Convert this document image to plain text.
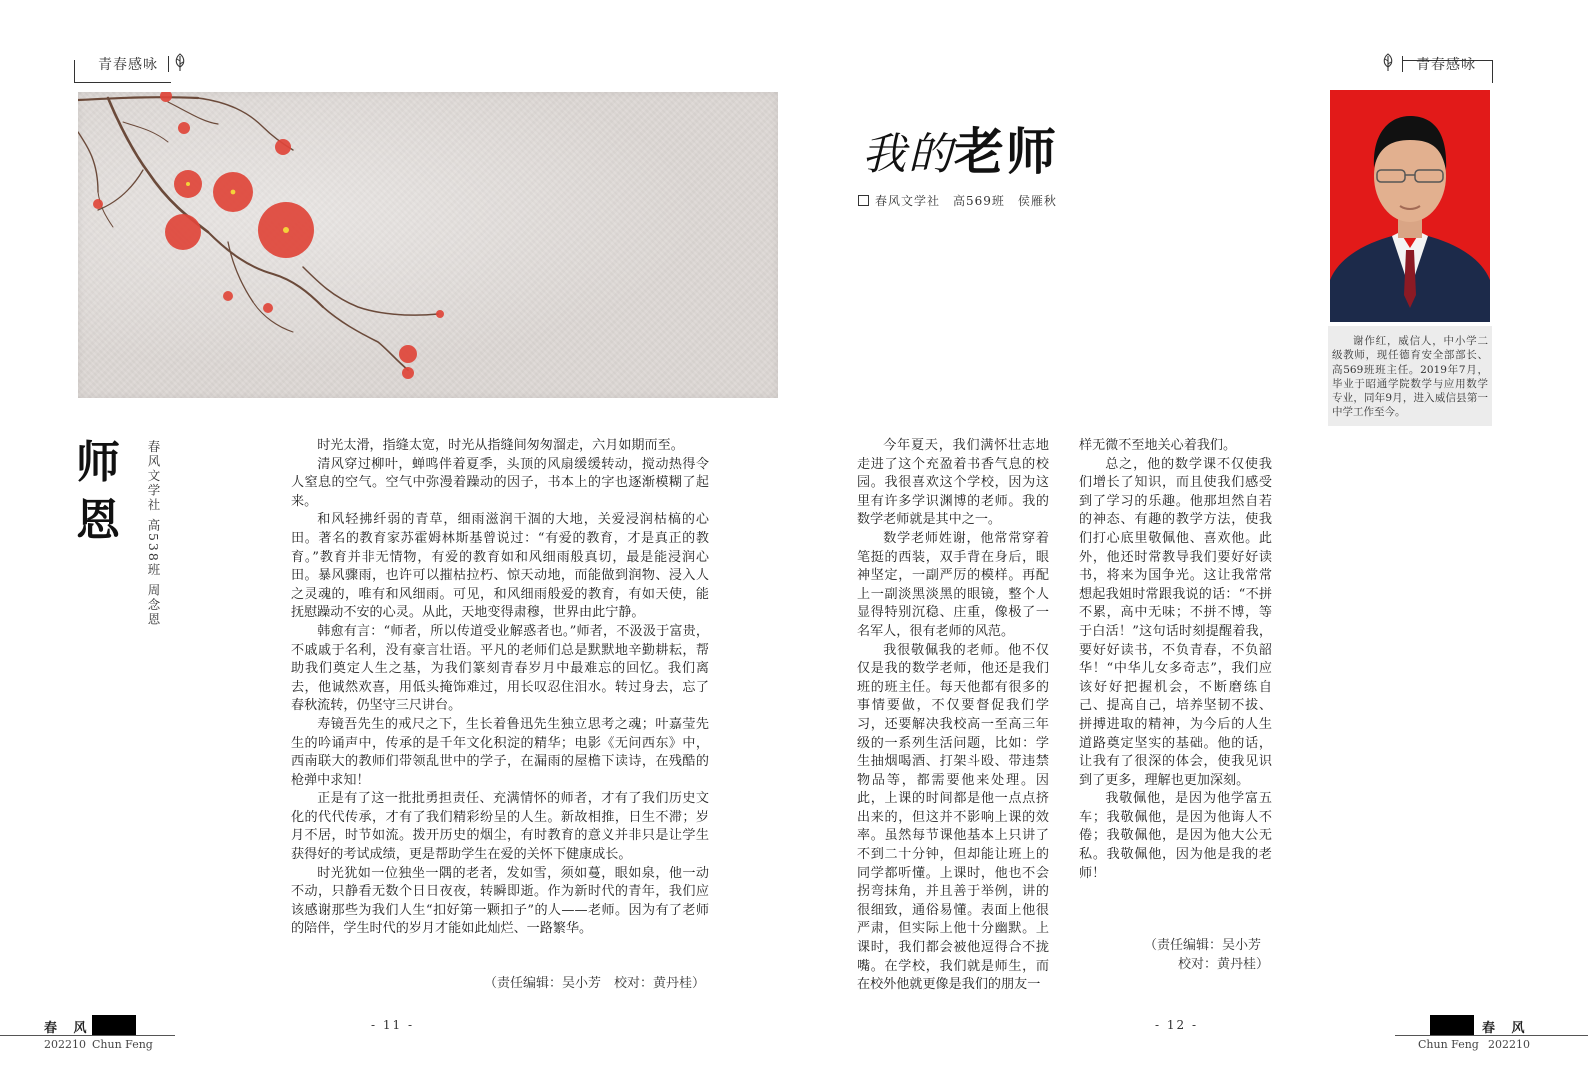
青春感咏
师
恩	春风文学社 高538班 周念恩	时光太滑，指缝太宽，时光从指缝间匆匆溜走，六月如期而至。

清风穿过柳叶，蝉鸣伴着夏季，头顶的风扇缓缓转动，搅动热得令人窒息的空气。空气中弥漫着躁动的因子，书本上的字也逐渐模糊了起来。

和风轻拂纤弱的青草，细雨滋润干涸的大地，关爱浸润枯槁的心田。著名的教育家苏霍姆林斯基曾说过：“有爱的教育，才是真正的教育。”教育并非无情物，有爱的教育如和风细雨般真切，最是能浸润心田。暴风骤雨，也许可以摧枯拉朽、惊天动地，而能做到润物、浸入人之灵魂的，唯有和风细雨。可见，和风细雨般爱的教育，有如天使，能抚慰躁动不安的心灵。从此，天地变得肃穆，世界由此宁静。

韩愈有言：“师者，所以传道受业解惑者也。”师者，不汲汲于富贵，不戚戚于名利，没有豪言壮语。平凡的老师们总是默默地辛勤耕耘，帮助我们奠定人生之基，为我们篆刻青春岁月中最难忘的回忆。我们离去，他诚然欢喜，用低头掩饰难过，用长叹忍住泪水。转过身去，忘了春秋流转，仍坚守三尺讲台。

寿镜吾先生的戒尺之下，生长着鲁迅先生独立思考之魂；叶嘉莹先生的吟诵声中，传承的是千年文化积淀的精华；电影《无问西东》中，西南联大的教师们带领乱世中的学子，在漏雨的屋檐下读诗，在残酷的枪弹中求知！

正是有了这一批批勇担责任、充满情怀的师者，才有了我们历史文化的代代传承，才有了我们精彩纷呈的人生。新故相推，日生不滞；岁月不居，时节如流。拨开历史的烟尘，有时教育的意义并非只是让学生获得好的考试成绩，更是帮助学生在爱的关怀下健康成长。

时光犹如一位独坐一隅的老者，发如雪，须如蔓，眼如泉，他一动不动，只静看无数个日日夜夜，转瞬即逝。作为新时代的青年，我们应该感谢那些为我们人生“扣好第一颗扣子”的人——老师。因为有了老师的陪伴，学生时代的岁月才能如此灿烂、一路繁华。

（责任编辑：吴小芳　校对：黄丹桂）
春 风
202210 Chun Feng
- 11 -
青春感咏
我的老师
春风文学社　高569班　侯雁秋

今年夏天，我们满怀壮志地走进了这个充盈着书香气息的校园。我很喜欢这个学校，因为这里有许多学识渊博的老师。我的数学老师就是其中之一。

数学老师姓谢，他常常穿着笔挺的西装，双手背在身后，眼神坚定，一副严厉的模样。再配上一副淡黑淡黑的眼镜，整个人显得特别沉稳、庄重，像极了一名军人，很有老师的风范。

我很敬佩我的老师。他不仅仅是我的数学老师，他还是我们班的班主任。每天他都有很多的事情要做，不仅要督促我们学习，还要解决我校高一至高三年级的一系列生活问题，比如：学生抽烟喝酒、打架斗殴、带违禁物品等，都需要他来处理。因此，上课的时间都是他一点点挤出来的，但这并不影响上课的效率。虽然每节课他基本上只讲了不到二十分钟，但却能让班上的同学都听懂。上课时，他也不会拐弯抹角，并且善于举例，讲的很细致，通俗易懂。表面上他很严肃，但实际上他十分幽默。上课时，我们都会被他逗得合不拢嘴。在学校，我们就是师生，而在校外他就更像是我们的朋友一

样无微不至地关心着我们。

总之，他的数学课不仅使我们增长了知识，而且使我们感受到了学习的乐趣。他那坦然自若的神态、有趣的教学方法，使我们打心底里敬佩他、喜欢他。此外，他还时常教导我们要好好读书，将来为国争光。这让我常常想起我姐时常跟我说的话：“不拼不累，高中无味；不拼不博，等于白活！”这句话时刻提醒着我，要好好读书，不负青春，不负韶华！“中华儿女多奇志”，我们应该好好把握机会，不断磨练自己、提高自己，培养坚韧不拔、拼搏进取的精神，为今后的人生道路奠定坚实的基础。他的话，让我有了很深的体会，使我见识到了更多，理解也更加深刻。

我敬佩他，是因为他学富五车；我敬佩他，是因为他诲人不倦；我敬佩他，是因为他大公无私。我敬佩他，因为他是我的老师！

（责任编辑：吴小芳
校对：黄丹桂）
谢作红，威信人，中小学二级教师，现任德育安全部部长、高569班班主任。2019年7月，毕业于昭通学院数学与应用数学专业，同年9月，进入威信县第一中学工作至今。
春 风
Chun Feng 202210
- 12 -
